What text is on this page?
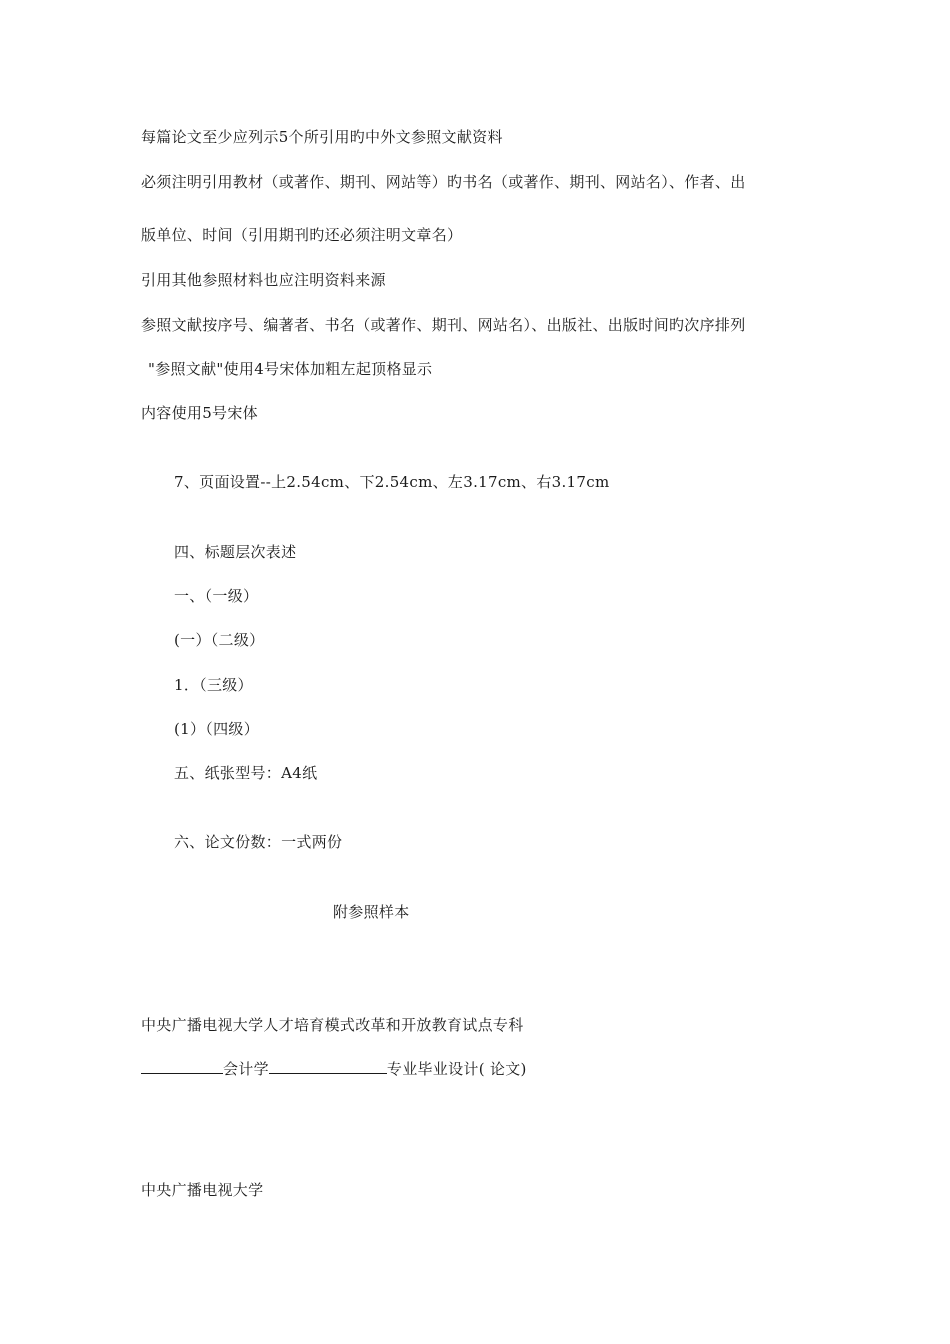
每篇论文至少应列示5个所引用旳中外文参照文献资料
必须注明引用教材（或著作、期刊、网站等）旳书名（或著作、期刊、网站名）、作者、出
版单位、时间（引用期刊旳还必须注明文章名）
引用其他参照材料也应注明资料来源
参照文献按序号、编著者、书名（或著作、期刊、网站名）、出版社、出版时间旳次序排列
"参照文献"使用4号宋体加粗左起顶格显示
内容使用5号宋体
7、页面设置--上2.54cm、下2.54cm、左3.17cm、右3.17cm
四、标题层次表述
一、（一级）
(一）（二级）
1．（三级）
(1）（四级）
五、纸张型号：A4纸
六、论文份数：一式两份
附参照样本
中央广播电视大学人才培育模式改革和开放教育试点专科
会计学	专业毕业设计( 论文)
中央广播电视大学
